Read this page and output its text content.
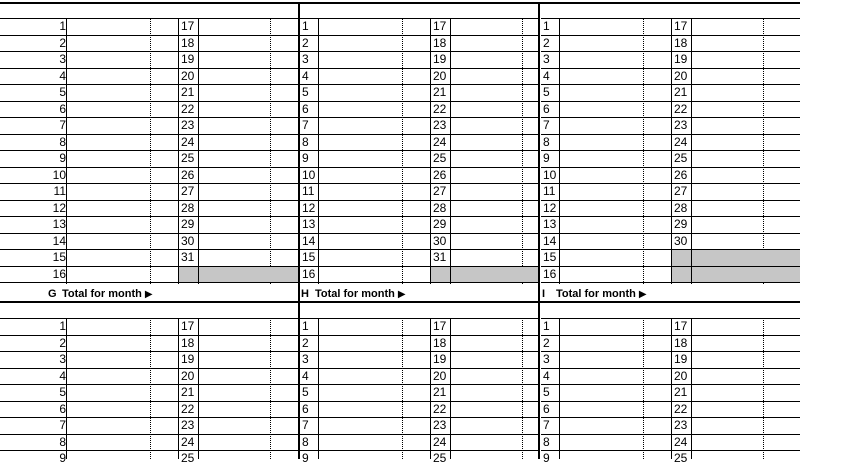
1	17
2	18
3	19
4	20
5	21
6	22
7	23
8	24
9	25
10	26
11	27
12	28
13	29
14	30
15	31
16
G Total for month ▶
1	17
2	18
3	19
4	20
5	21
6	22
7	23
8	24
9	25
10	26
11	27
12	28
13	29
14	30
15	31
16
H Total for month ▶
1	17
2	18
3	19
4	20
5	21
6	22
7	23
8	24
9	25
10	26
11	27
12	28
13	29
14	30
15
16
I Total for month ▶
1	17
2	18
3	19
4	20
5	21
6	22
7	23
8	24
9	25
1	17
2	18
3	19
4	20
5	21
6	22
7	23
8	24
9	25
1	17
2	18
3	19
4	20
5	21
6	22
7	23
8	24
9	25
